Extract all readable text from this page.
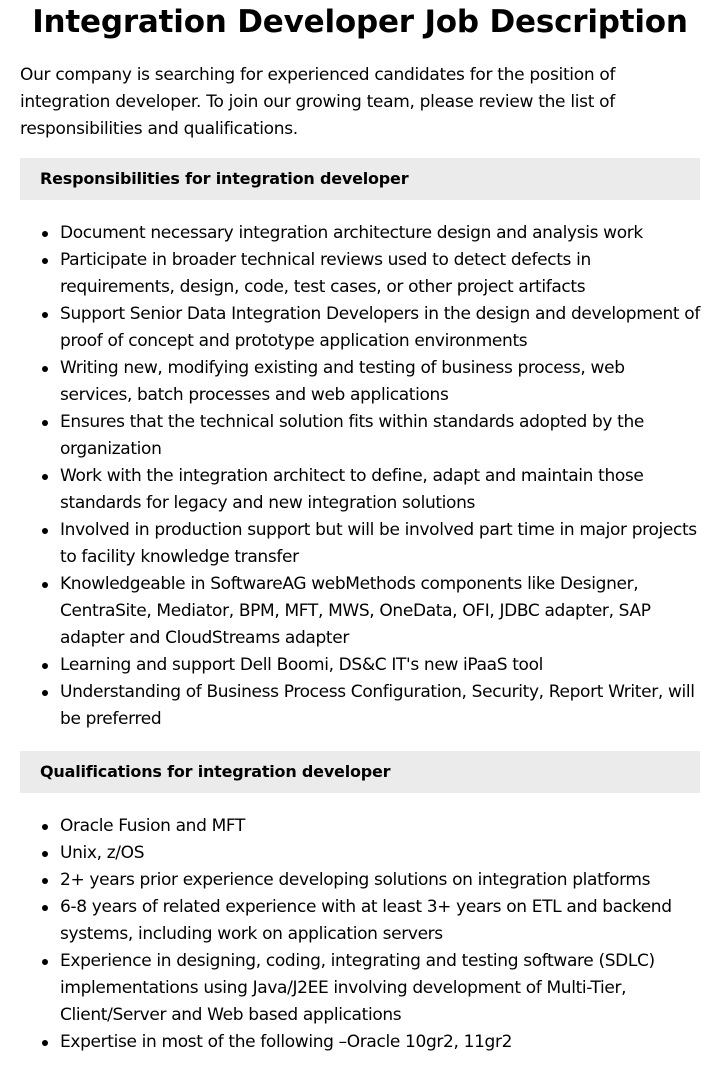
Integration Developer Job Description

Our company is searching for experienced candidates for the position of integration developer. To join our growing team, please review the list of responsibilities and qualifications.

Responsibilities for integration developer
Document necessary integration architecture design and analysis work
Participate in broader technical reviews used to detect defects in requirements, design, code, test cases, or other project artifacts
Support Senior Data Integration Developers in the design and development of proof of concept and prototype application environments
Writing new, modifying existing and testing of business process, web services, batch processes and web applications
Ensures that the technical solution fits within standards adopted by the organization
Work with the integration architect to define, adapt and maintain those standards for legacy and new integration solutions
Involved in production support but will be involved part time in major projects to facility knowledge transfer
Knowledgeable in SoftwareAG webMethods components like Designer, CentraSite, Mediator, BPM, MFT, MWS, OneData, OFI, JDBC adapter, SAP adapter and CloudStreams adapter
Learning and support Dell Boomi, DS&C IT's new iPaaS tool
Understanding of Business Process Configuration, Security, Report Writer, will be preferred
Qualifications for integration developer
Oracle Fusion and MFT
Unix, z/OS
2+ years prior experience developing solutions on integration platforms
6-8 years of related experience with at least 3+ years on ETL and backend systems, including work on application servers
Experience in designing, coding, integrating and testing software (SDLC) implementations using Java/J2EE involving development of Multi-Tier, Client/Server and Web based applications
Expertise in most of the following –Oracle 10gr2, 11gr2
